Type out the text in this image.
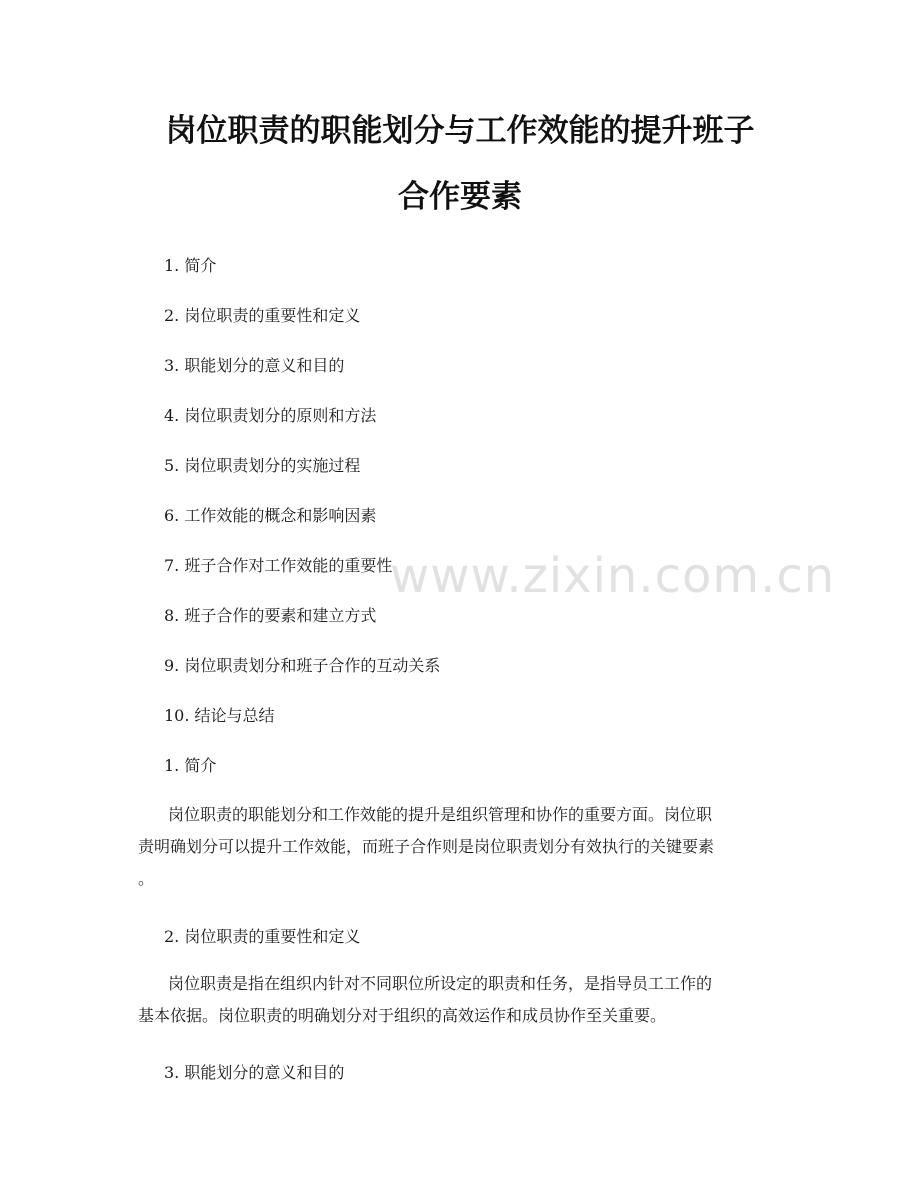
岗位职责的职能划分与工作效能的提升班子
合作要素
1. 简介
2. 岗位职责的重要性和定义
3. 职能划分的意义和目的
4. 岗位职责划分的原则和方法
5. 岗位职责划分的实施过程
6. 工作效能的概念和影响因素
7. 班子合作对工作效能的重要性
8. 班子合作的要素和建立方式
9. 岗位职责划分和班子合作的互动关系
10. 结论与总结
1. 简介
岗位职责的职能划分和工作效能的提升是组织管理和协作的重要方面。岗位职
责明确划分可以提升工作效能，而班子合作则是岗位职责划分有效执行的关键要素
。
2. 岗位职责的重要性和定义
岗位职责是指在组织内针对不同职位所设定的职责和任务，是指导员工工作的
基本依据。岗位职责的明确划分对于组织的高效运作和成员协作至关重要。
3. 职能划分的意义和目的
www.zixin.com.cn
